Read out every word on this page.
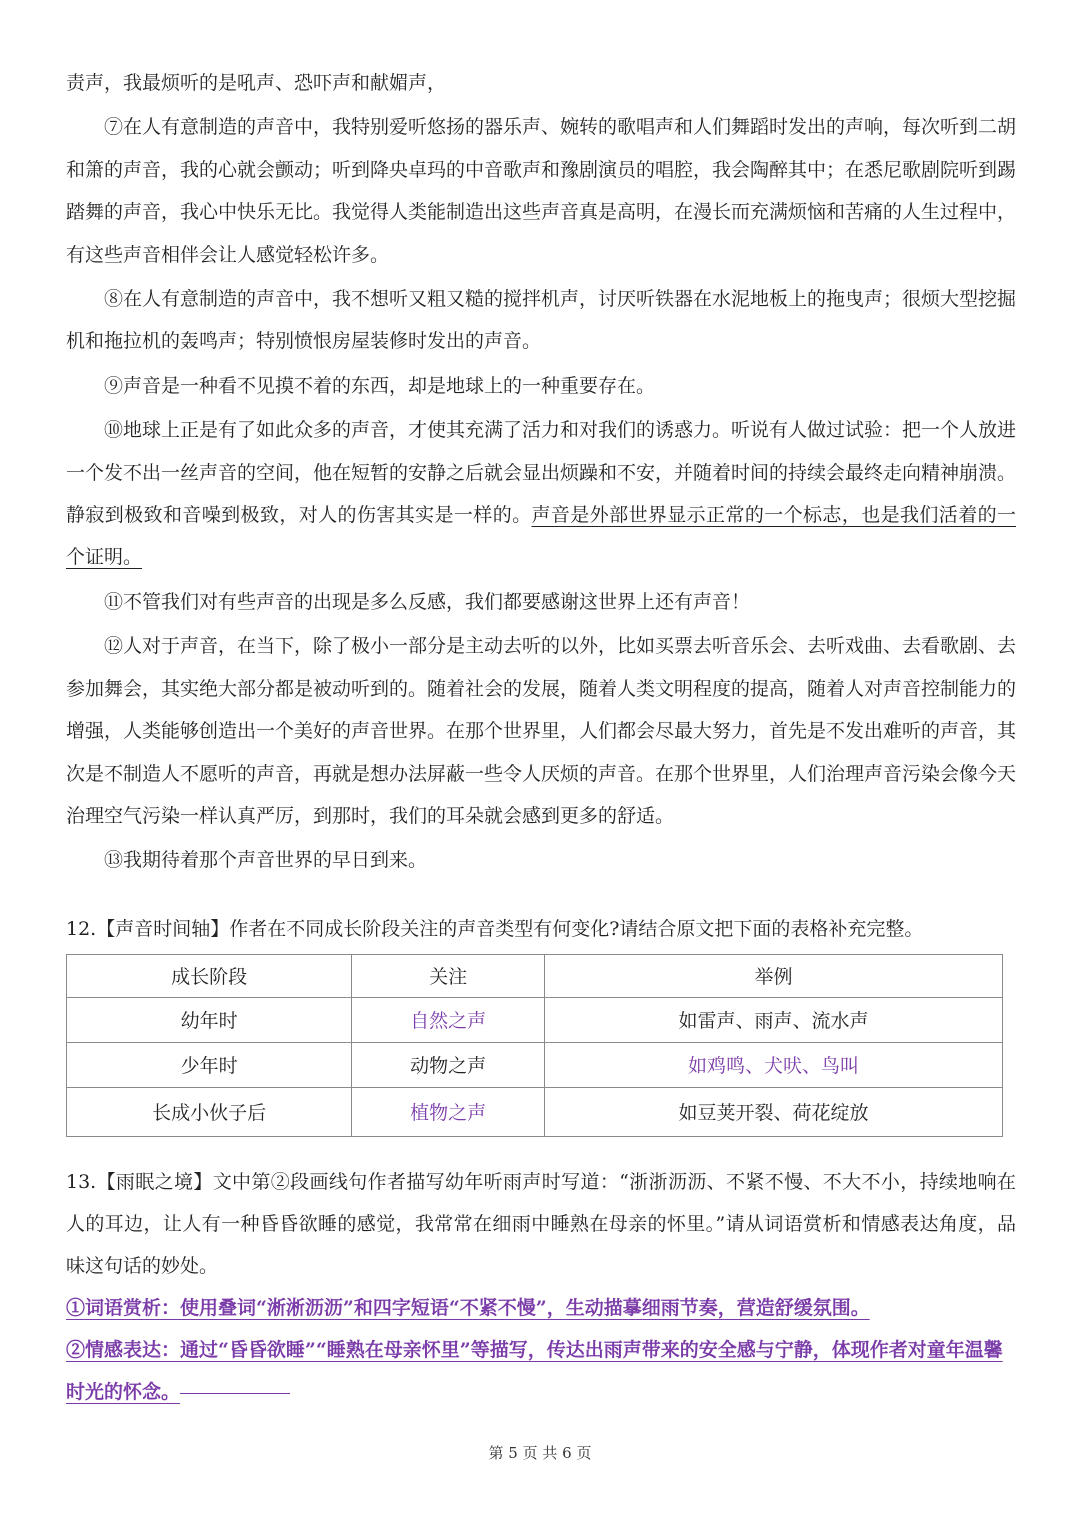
责声，我最烦听的是吼声、恐吓声和献媚声，

⑦在人有意制造的声音中，我特别爱听悠扬的器乐声、婉转的歌唱声和人们舞蹈时发出的声响，每次听到二胡和箫的声音，我的心就会颤动；听到降央卓玛的中音歌声和豫剧演员的唱腔，我会陶醉其中；在悉尼歌剧院听到踢踏舞的声音，我心中快乐无比。我觉得人类能制造出这些声音真是高明，在漫长而充满烦恼和苦痛的人生过程中，有这些声音相伴会让人感觉轻松许多。

⑧在人有意制造的声音中，我不想听又粗又糙的搅拌机声，讨厌听铁器在水泥地板上的拖曳声；很烦大型挖掘机和拖拉机的轰鸣声；特别愤恨房屋装修时发出的声音。

⑨声音是一种看不见摸不着的东西，却是地球上的一种重要存在。

⑩地球上正是有了如此众多的声音，才使其充满了活力和对我们的诱惑力。听说有人做过试验：把一个人放进一个发不出一丝声音的空间，他在短暂的安静之后就会显出烦躁和不安，并随着时间的持续会最终走向精神崩溃。静寂到极致和音噪到极致，对人的伤害其实是一样的。声音是外部世界显示正常的一个标志，也是我们活着的一个证明。

⑪不管我们对有些声音的出现是多么反感，我们都要感谢这世界上还有声音！

⑫人对于声音，在当下，除了极小一部分是主动去听的以外，比如买票去听音乐会、去听戏曲、去看歌剧、去参加舞会，其实绝大部分都是被动听到的。随着社会的发展，随着人类文明程度的提高，随着人对声音控制能力的增强，人类能够创造出一个美好的声音世界。在那个世界里，人们都会尽最大努力，首先是不发出难听的声音，其次是不制造人不愿听的声音，再就是想办法屏蔽一些令人厌烦的声音。在那个世界里，人们治理声音污染会像今天治理空气污染一样认真严厉，到那时，我们的耳朵就会感到更多的舒适。

⑬我期待着那个声音世界的早日到来。

12.【声音时间轴】作者在不同成长阶段关注的声音类型有何变化?请结合原文把下面的表格补充完整。

成长阶段	关注	举例
幼年时	自然之声	如雷声、雨声、流水声
少年时	动物之声	如鸡鸣、犬吠、鸟叫
长成小伙子后	植物之声	如豆荚开裂、荷花绽放

13.【雨眠之境】文中第②段画线句作者描写幼年听雨声时写道：“浙浙沥沥、不紧不慢、不大不小，持续地响在人的耳边，让人有一种昏昏欲睡的感觉，我常常在细雨中睡熟在母亲的怀里。”请从词语赏析和情感表达角度，品味这句话的妙处。

①词语赏析：使用叠词“淅淅沥沥”和四字短语“不紧不慢”，生动描摹细雨节奏，营造舒缓氛围。

②情感表达：通过“昏昏欲睡”“睡熟在母亲怀里”等描写，传达出雨声带来的安全感与宁静，体现作者对童年温馨时光的怀念。

第 5 页 共 6 页
